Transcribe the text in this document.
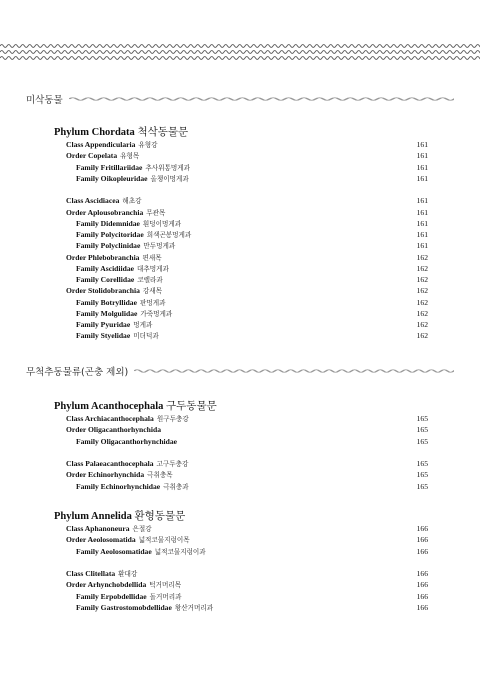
미삭동물
Phylum Chordata 척삭동물문
Class Appendicularia 유형강	161
Order Copelata 유형목	161
Family Fritillariidae 추사위통멍게과	161
Family Oikopleuridae 올챙이멍게과	161
Class Ascidiacea 해초강	161
Order Aplousobranchia 무관목	161
Family Didemnidae 흰덩이멍게과	161
Family Polycitoridae 희색곤봉멍게과	161
Family Polyclinidae 만두멍게과	161
Order Phlebobranchia 편새목	162
Family Ascidiidae 대추멍게과	162
Family Corellidae 코렐라과	162
Order Stolidobranchia 강새목	162
Family Botryllidae 판멍게과	162
Family Molgulidae 가죽멍게과	162
Family Pyuridae 멍게과	162
Family Styelidae 미더덕과	162
무척추동물류(곤충 제외)
Phylum Acanthocephala 구두동물문
Class Archiacanthocephala 원구두충강	165
Order Oligacanthorhynchida	165
Family Oligacanthorhynchidae	165
Class Palaeacanthocephala 고구두충강	165
Order Echinorhynchida 극취충목	165
Family Echinorhynchidae 극취충과	165
Phylum Annelida 환형동물문
Class Aphanoneura 은절강	166
Order Aeolosomatida 넓적코물지렁이목	166
Family Aeolosomatidae 넓적코물지렁이과	166
Class Clitellata 환대강	166
Order Arhynchobdellida 턱거머리목	166
Family Erpobdellidae 돌거머리과	166
Family Gastrostomobdellidae 왕산거머리과	166
